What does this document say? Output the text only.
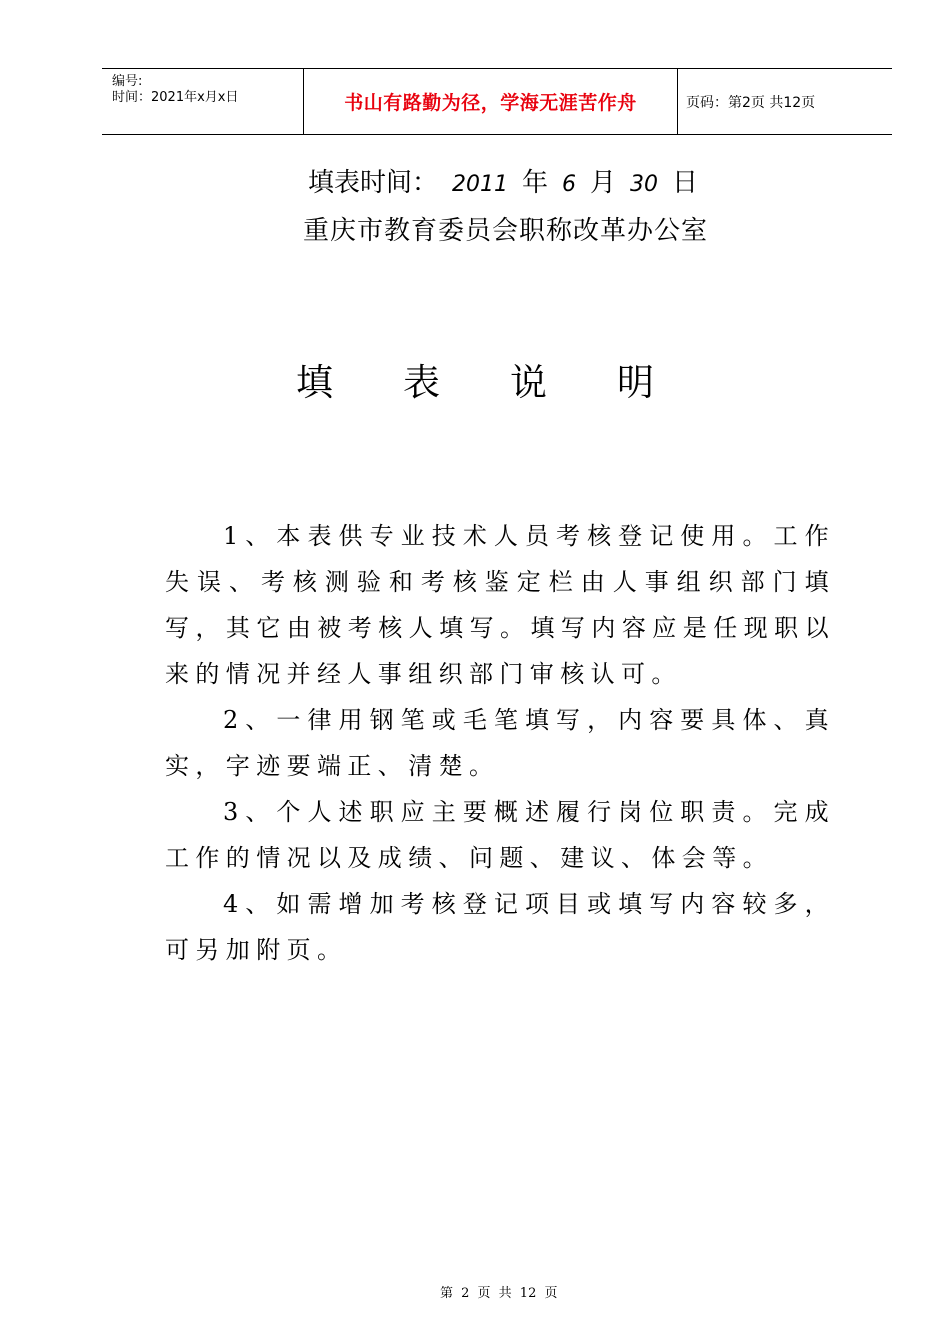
编号:
时间：2021年x月x日	书山有路勤为径，学海无涯苦作舟	页码：第2页 共12页
填表时间： 2011 年 6 月 30 日
重庆市教育委员会职称改革办公室
填表说明

1、本表供专业技术人员考核登记使用。工作失误、考核测验和考核鉴定栏由人事组织部门填写，其它由被考核人填写。填写内容应是任现职以来的情况并经人事组织部门审核认可。

2、一律用钢笔或毛笔填写，内容要具体、真实，字迹要端正、清楚。

3、个人述职应主要概述履行岗位职责。完成工作的情况以及成绩、问题、建议、体会等。

4、如需增加考核登记项目或填写内容较多，可另加附页。

第 2 页 共 12 页
